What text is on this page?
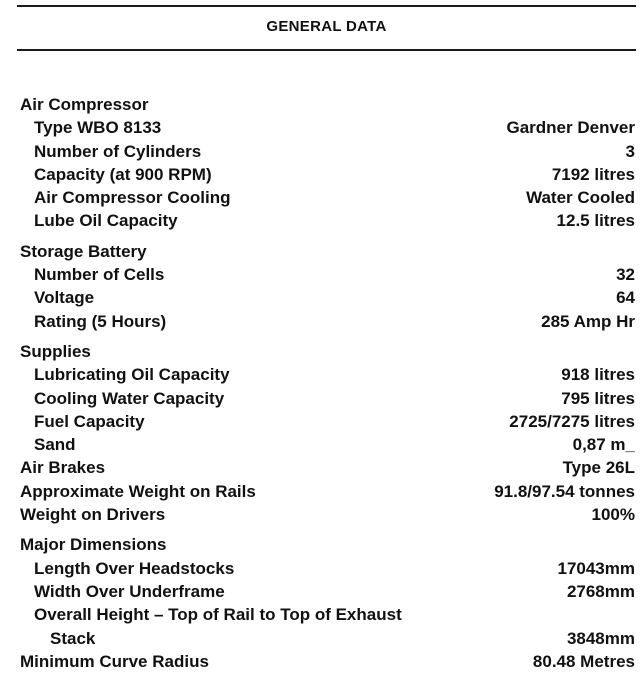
GENERAL DATA
Air Compressor
Type WBO 8133	Gardner Denver
Number of Cylinders	3
Capacity (at 900 RPM)	7192 litres
Air Compressor Cooling	Water Cooled
Lube Oil Capacity	12.5 litres
Storage Battery
Number of Cells	32
Voltage	64
Rating (5 Hours)	285 Amp Hr
Supplies
Lubricating Oil Capacity	918 litres
Cooling Water Capacity	795 litres
Fuel Capacity	2725/7275 litres
Sand	0,87 m_
Air Brakes	Type 26L
Approximate Weight on Rails	91.8/97.54 tonnes
Weight on Drivers	100%
Major Dimensions
Length Over Headstocks	17043mm
Width Over Underframe	2768mm
Overall Height – Top of Rail to Top of Exhaust
Stack	3848mm
Minimum Curve Radius	80.48 Metres
